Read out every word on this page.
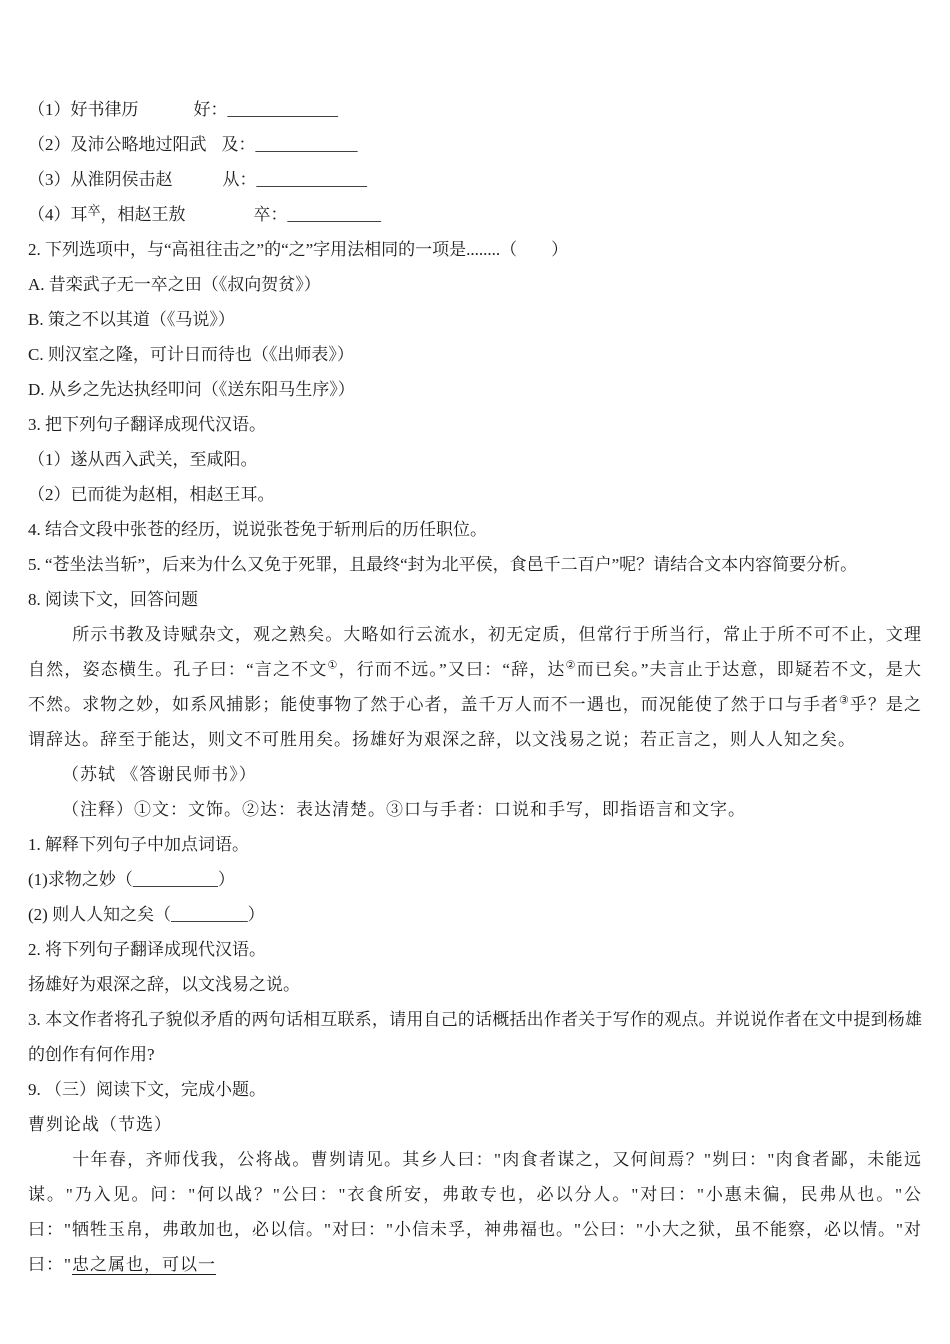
（1）好书律历	好：_____________
（2）及沛公略地过阳武 及：____________
（3）从淮阴侯击赵	从：_____________
（4）耳$^卒$，相赵王敖	卒：___________
2. 下列选项中，与“高祖往击之”的“之”字用法相同的一项是........（　　）
A. 昔栾武子无一卒之田（《叔向贺贫》）
B. 策之不以其道（《马说》）
C. 则汉室之隆，可计日而待也（《出师表》）
D. 从乡之先达执经叩问（《送东阳马生序》）
3. 把下列句子翻译成现代汉语。
（1）遂从西入武关，至咸阳。
（2）已而徙为赵相，相赵王耳。
4. 结合文段中张苍的经历，说说张苍免于斩刑后的历任职位。
5. “苍坐法当斩”，后来为什么又免于死罪，且最终“封为北平侯，食邑千二百户”呢？请结合文本内容简要分析。
8. 阅读下文，回答问题

所示书教及诗赋杂文，观之熟矣。大略如行云流水，初无定质，但常行于所当行，常止于所不可不止，文理自然，姿态横生。孔子曰：“言之不文①，行而不远。”又曰：“辞，达②而已矣。”夫言止于达意，即疑若不文，是大不然。求物之妙，如系风捕影；能使事物了然于心者，盖千万人而不一遇也，而况能使了然于口与手者③乎？是之谓辞达。辞至于能达，则文不可胜用矣。扬雄好为艰深之辞，以文浅易之说；若正言之，则人人知之矣。

（苏轼 《答谢民师书》）
（注释）①文：文饰。②达：表达清楚。③口与手者：口说和手写，即指语言和文字。
1. 解释下列句子中加点词语。
(1)求物之妙（__________）
(2) 则人人知之矣（_________）
2. 将下列句子翻译成现代汉语。
扬雄好为艰深之辞，以文浅易之说。

3. 本文作者将孔子貌似矛盾的两句话相互联系，请用自己的话概括出作者关于写作的观点。并说说作者在文中提到杨雄的创作有何作用?

9. （三）阅读下文，完成小题。
曹刿论战（节选）

十年春，齐师伐我，公将战。曹刿请见。其乡人曰："肉食者谋之，又何间焉？"刿曰："肉食者鄙，未能远谋。"乃入见。问："何以战？"公曰："衣食所安，弗敢专也，必以分人。"对曰："小惠未徧，民弗从也。"公曰："牺牲玉帛，弗敢加也，必以信。"对曰："小信未孚，神弗福也。"公曰："小大之狱，虽不能察，必以情。"对曰："忠之属也，可以一
